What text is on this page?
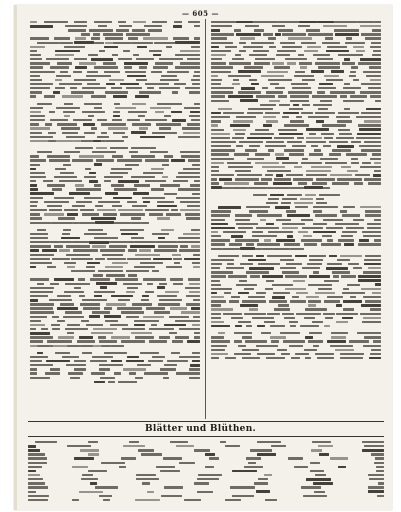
— 605 —
Blätter und Blüthen.
